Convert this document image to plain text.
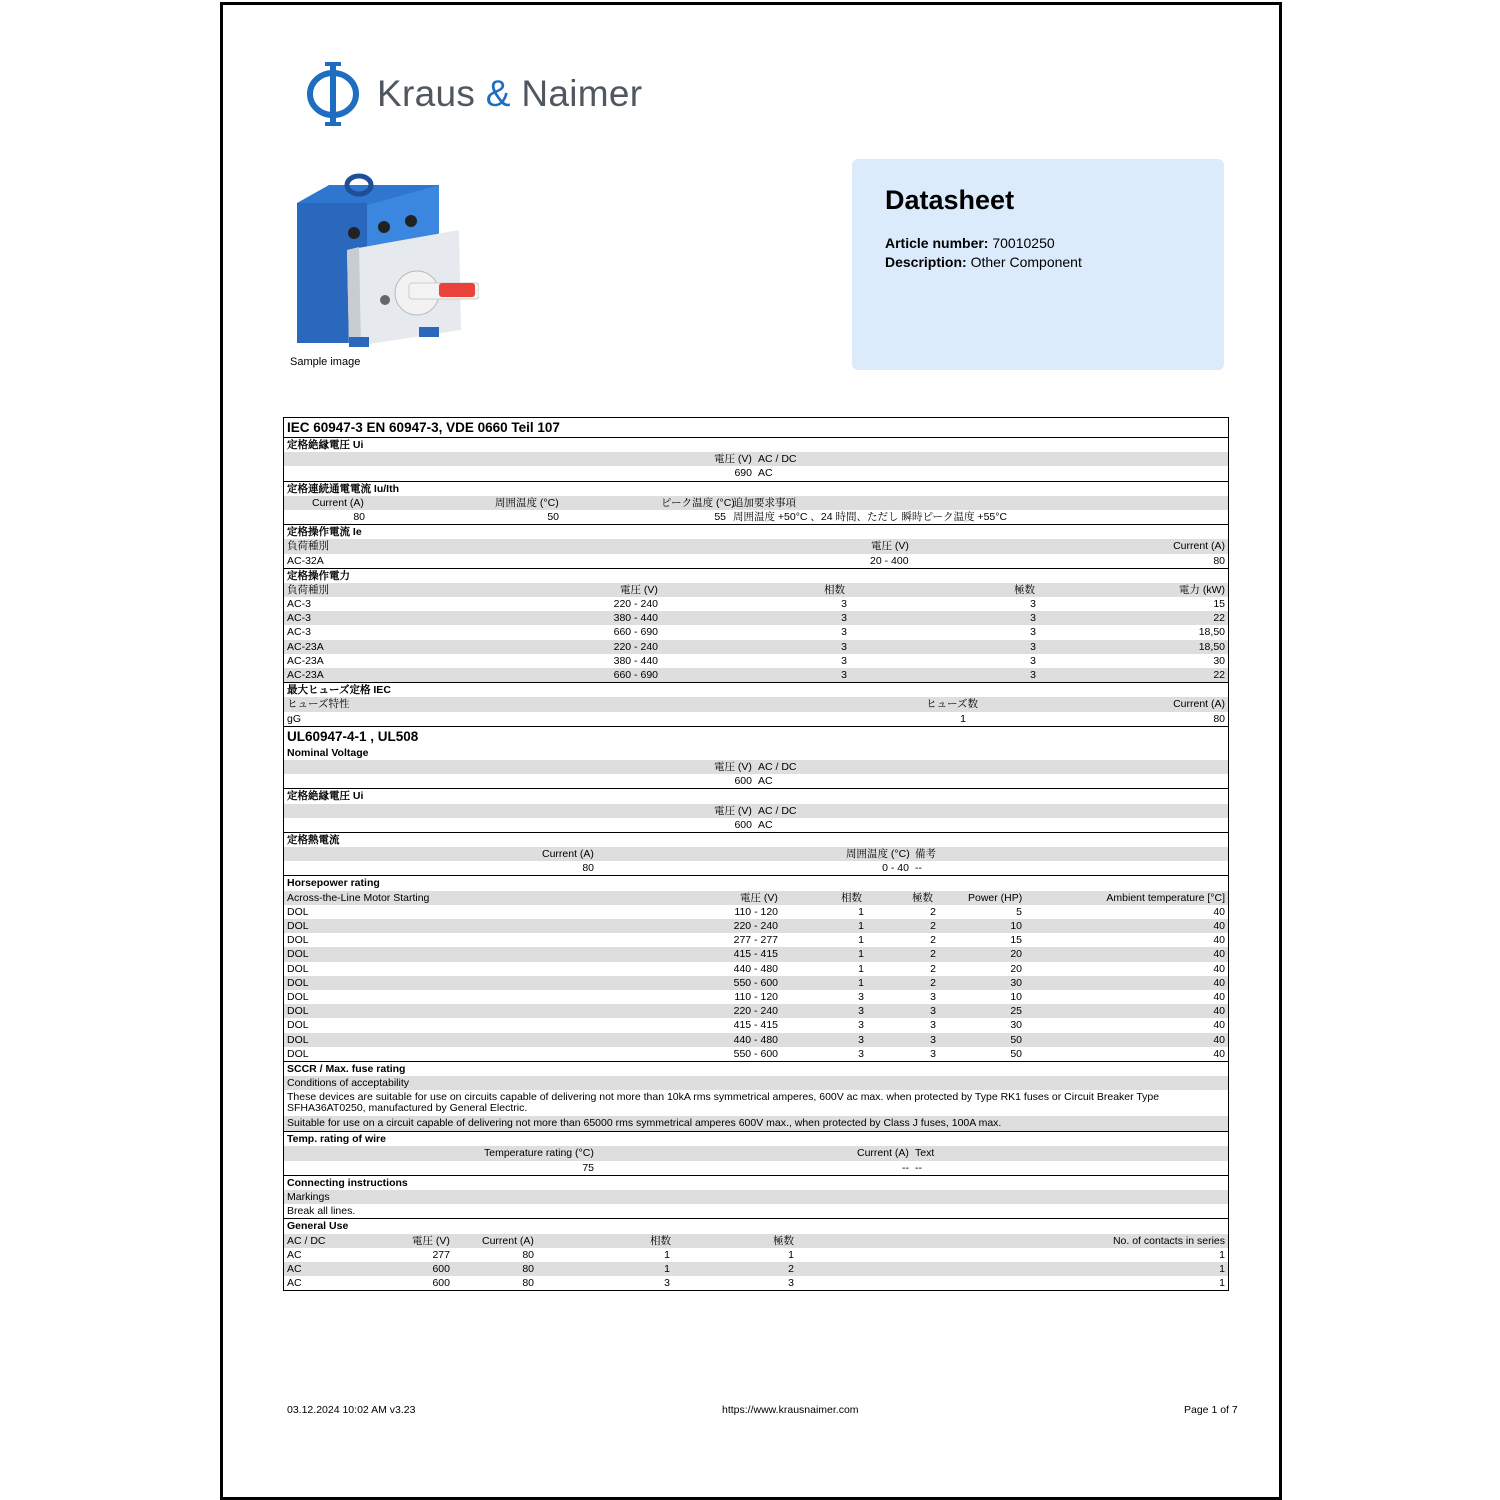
Kraus & Naimer
Sample image
Datasheet
Article number: 70010250
Description: Other Component
IEC 60947-3 EN 60947-3, VDE 0660 Teil 107
定格絶縁電圧 Ui
電圧 (V) AC / DC
690 AC
定格連続通電電流 Iu/Ith
Current (A)	周囲温度 (°C)	ピーク温度 (°C)
追加要求事項
80	50	55 周囲温度 +50°C 、24 時間、ただし 瞬時ピーク温度 +55°C
定格操作電流 Ie
負荷種別	電圧 (V)	Current (A)
AC-32A	20 - 400	80
定格操作電力
負荷種別	電圧 (V)	相数	極数	電力 (kW)
AC-3	220 - 240	3	3	15
AC-3	380 - 440	3	3	22
AC-3	660 - 690	3	3	18,50
AC-23A	220 - 240	3	3	18,50
AC-23A	380 - 440	3	3	30
AC-23A	660 - 690	3	3	22
最大ヒューズ定格 IEC
ヒューズ特性	ヒューズ数	Current (A)
gG	1	80
UL60947-4-1 , UL508
Nominal Voltage
電圧 (V) AC / DC
600 AC
定格絶縁電圧 Ui
電圧 (V) AC / DC
600 AC
定格熱電流
Current (A)	周囲温度 (°C) 備考
80	0 - 40 --
Horsepower rating
Across-the-Line Motor Starting	電圧 (V)	相数	極数	Power (HP)	Ambient temperature [°C]
DOL	110 - 120	1	2	5	40
DOL	220 - 240	1	2	10	40
DOL	277 - 277	1	2	15	40
DOL	415 - 415	1	2	20	40
DOL	440 - 480	1	2	20	40
DOL	550 - 600	1	2	30	40
DOL	110 - 120	3	3	10	40
DOL	220 - 240	3	3	25	40
DOL	415 - 415	3	3	30	40
DOL	440 - 480	3	3	50	40
DOL	550 - 600	3	3	50	40
SCCR / Max. fuse rating
Conditions of acceptability
These devices are suitable for use on circuits capable of delivering not more than 10kA rms symmetrical amperes, 600V ac max. when protected by Type RK1 fuses or Circuit Breaker Type SFHA36AT0250, manufactured by General Electric.
Suitable for use on a circuit capable of delivering not more than 65000 rms symmetrical amperes 600V max., when protected by Class J fuses, 100A max.
Temp. rating of wire
Temperature rating (°C)	Current (A) Text
75	-- --
Connecting instructions
Markings
Break all lines.
General Use
AC / DC	電圧 (V)	Current (A)	相数	極数	No. of contacts in series
AC	277	80	1	1	1
AC	600	80	1	2	1
AC	600	80	3	3	1
03.12.2024 10:02 AM v3.23	https://www.krausnaimer.com	Page 1 of 7
